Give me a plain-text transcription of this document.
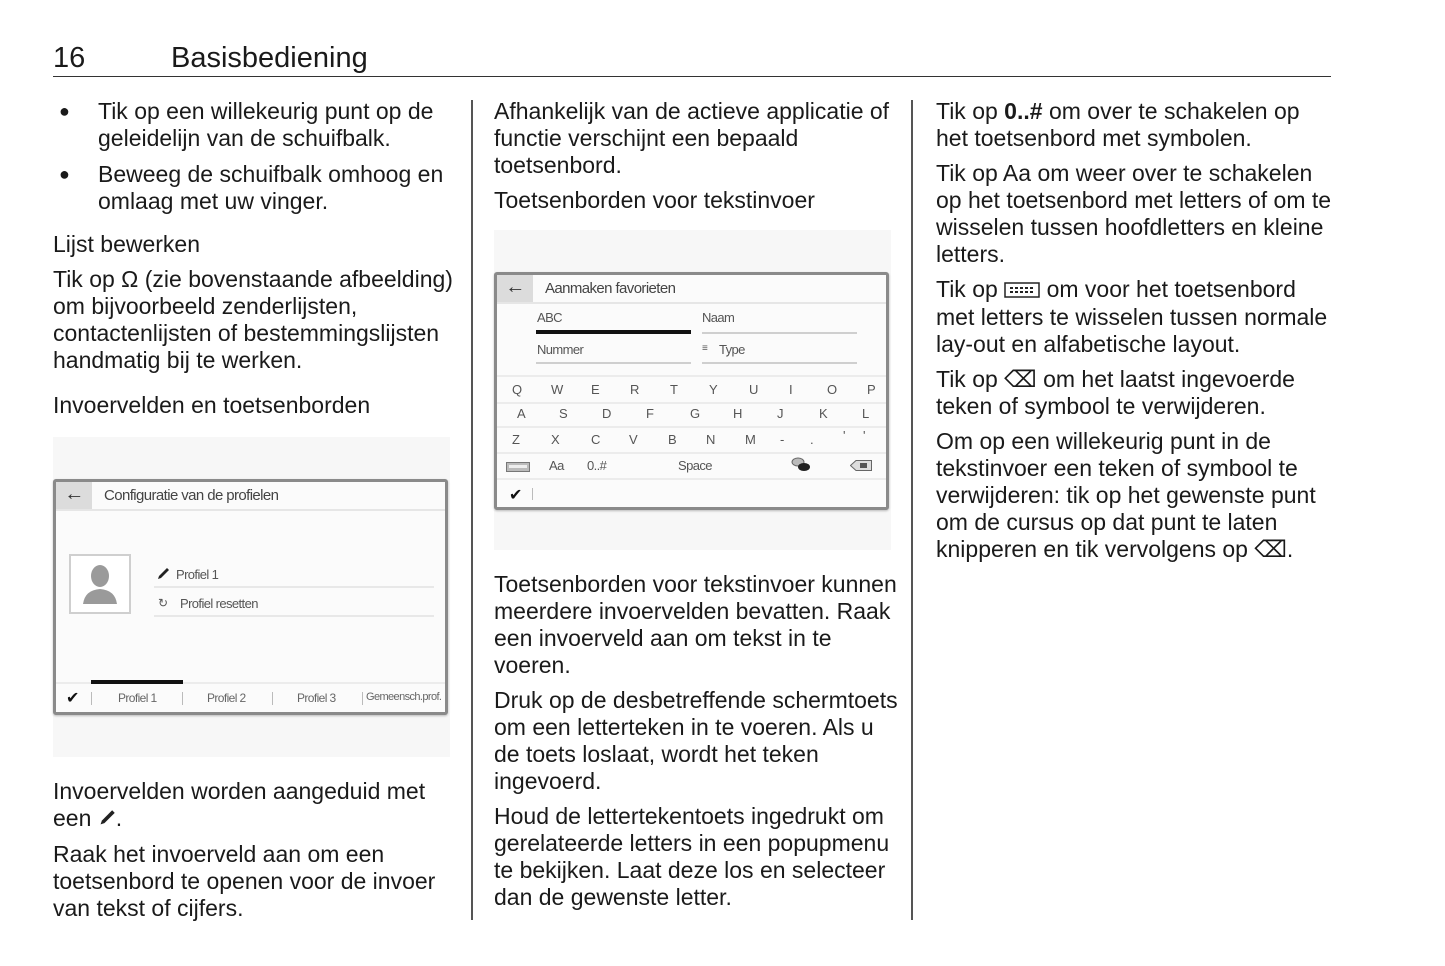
16	Basisbediening
● Tik op een willekeurig punt op de geleidelijn van de schuifbalk.
● Beweeg de schuifbalk omhoog en omlaag met uw vinger.

Lijst bewerken

Tik op Ω (zie bovenstaande afbeelding) om bijvoorbeeld zenderlijsten, contactenlijsten of bestemmingslijsten handmatig bij te werken.

Invoervelden en toetsenborden

←	Configuratie van de profielen
Profiel 1
↻ Profiel resetten
✔	Profiel 1	Profiel 2	Profiel 3	Gemeensch.prof.

Invoervelden worden aangeduid met een .

Raak het invoerveld aan om een toetsenbord te openen voor de invoer van tekst of cijfers.

Afhankelijk van de actieve applicatie of functie verschijnt een bepaald toetsenbord.

Toetsenborden voor tekstinvoer

←	Aanmaken favorieten
ABC	Naam
Nummer	≡ Type
Q W E R T Y U I	O P
A	S	D	F	G	H	J	K	L
Z X C V B N M - . ' '
Aa 0..#	Space
✔

Toetsenborden voor tekstinvoer kunnen meerdere invoervelden bevatten. Raak een invoerveld aan om tekst in te voeren.

Druk op de desbetreffende schermtoets om een letterteken in te voeren. Als u de toets loslaat, wordt het teken ingevoerd.

Houd de lettertekentoets ingedrukt om gerelateerde letters in een popupmenu te bekijken. Laat deze los en selecteer dan de gewenste letter.

Tik op 0..# om over te schakelen op het toetsenbord met symbolen.

Tik op Aa om weer over te schakelen op het toetsenbord met letters of om te wisselen tussen hoofdletters en kleine letters.

Tik op om voor het toetsenbord met letters te wisselen tussen normale lay-out en alfabetische layout.

Tik op ⌫ om het laatst ingevoerde teken of symbool te verwijderen.

Om op een willekeurig punt in de tekstinvoer een teken of symbool te verwijderen: tik op het gewenste punt om de cursus op dat punt te laten knipperen en tik vervolgens op ⌫.
